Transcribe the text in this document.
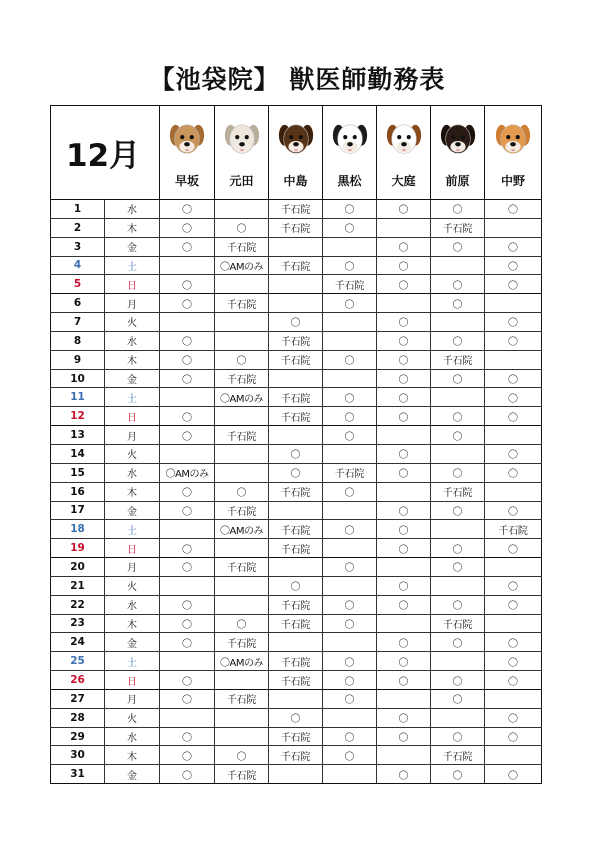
【池袋院】 獣医師勤務表
12月		早坂	元田	中島	黒松	大庭	前原	中野

1	水	〇		千石院	〇	〇	〇	〇
2	木	〇	〇	千石院	〇		千石院	
3	金	〇	千石院			〇	〇	〇
4	土		〇AMのみ	千石院	〇	〇		〇
5	日	〇			千石院	〇	〇	〇
6	月	〇	千石院		〇		〇	
7	火			〇		〇		〇
8	水	〇		千石院		〇	〇	〇
9	木	〇	〇	千石院	〇	〇	千石院	
10	金	〇	千石院			〇	〇	〇
11	土		〇AMのみ	千石院	〇	〇		〇
12	日	〇		千石院	〇	〇	〇	〇
13	月	〇	千石院		〇		〇	
14	火			〇		〇		〇
15	水	〇AMのみ		〇	千石院	〇	〇	〇
16	木	〇	〇	千石院	〇		千石院	
17	金	〇	千石院			〇	〇	〇
18	土		〇AMのみ	千石院	〇	〇		千石院
19	日	〇		千石院		〇	〇	〇
20	月	〇	千石院		〇		〇	
21	火			〇		〇		〇
22	水	〇		千石院	〇	〇	〇	〇
23	木	〇	〇	千石院	〇		千石院	
24	金	〇	千石院			〇	〇	〇
25	土		〇AMのみ	千石院	〇	〇		〇
26	日	〇		千石院	〇	〇	〇	〇
27	月	〇	千石院		〇		〇	
28	火			〇		〇		〇
29	水	〇		千石院	〇	〇	〇	〇
30	木	〇	〇	千石院	〇		千石院	
31	金	〇	千石院			〇	〇	〇
